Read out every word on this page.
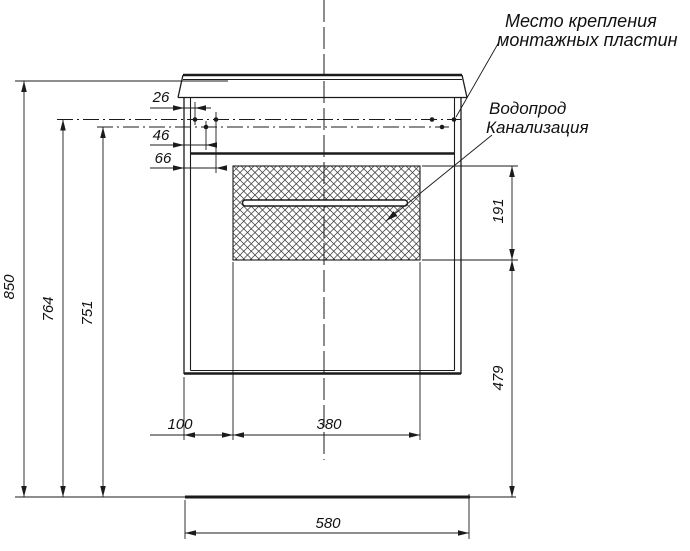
26
46
66
100	380
580
850
764 751
191
479
Место крепления
монтажных пластин
Водопрод
Канализация
